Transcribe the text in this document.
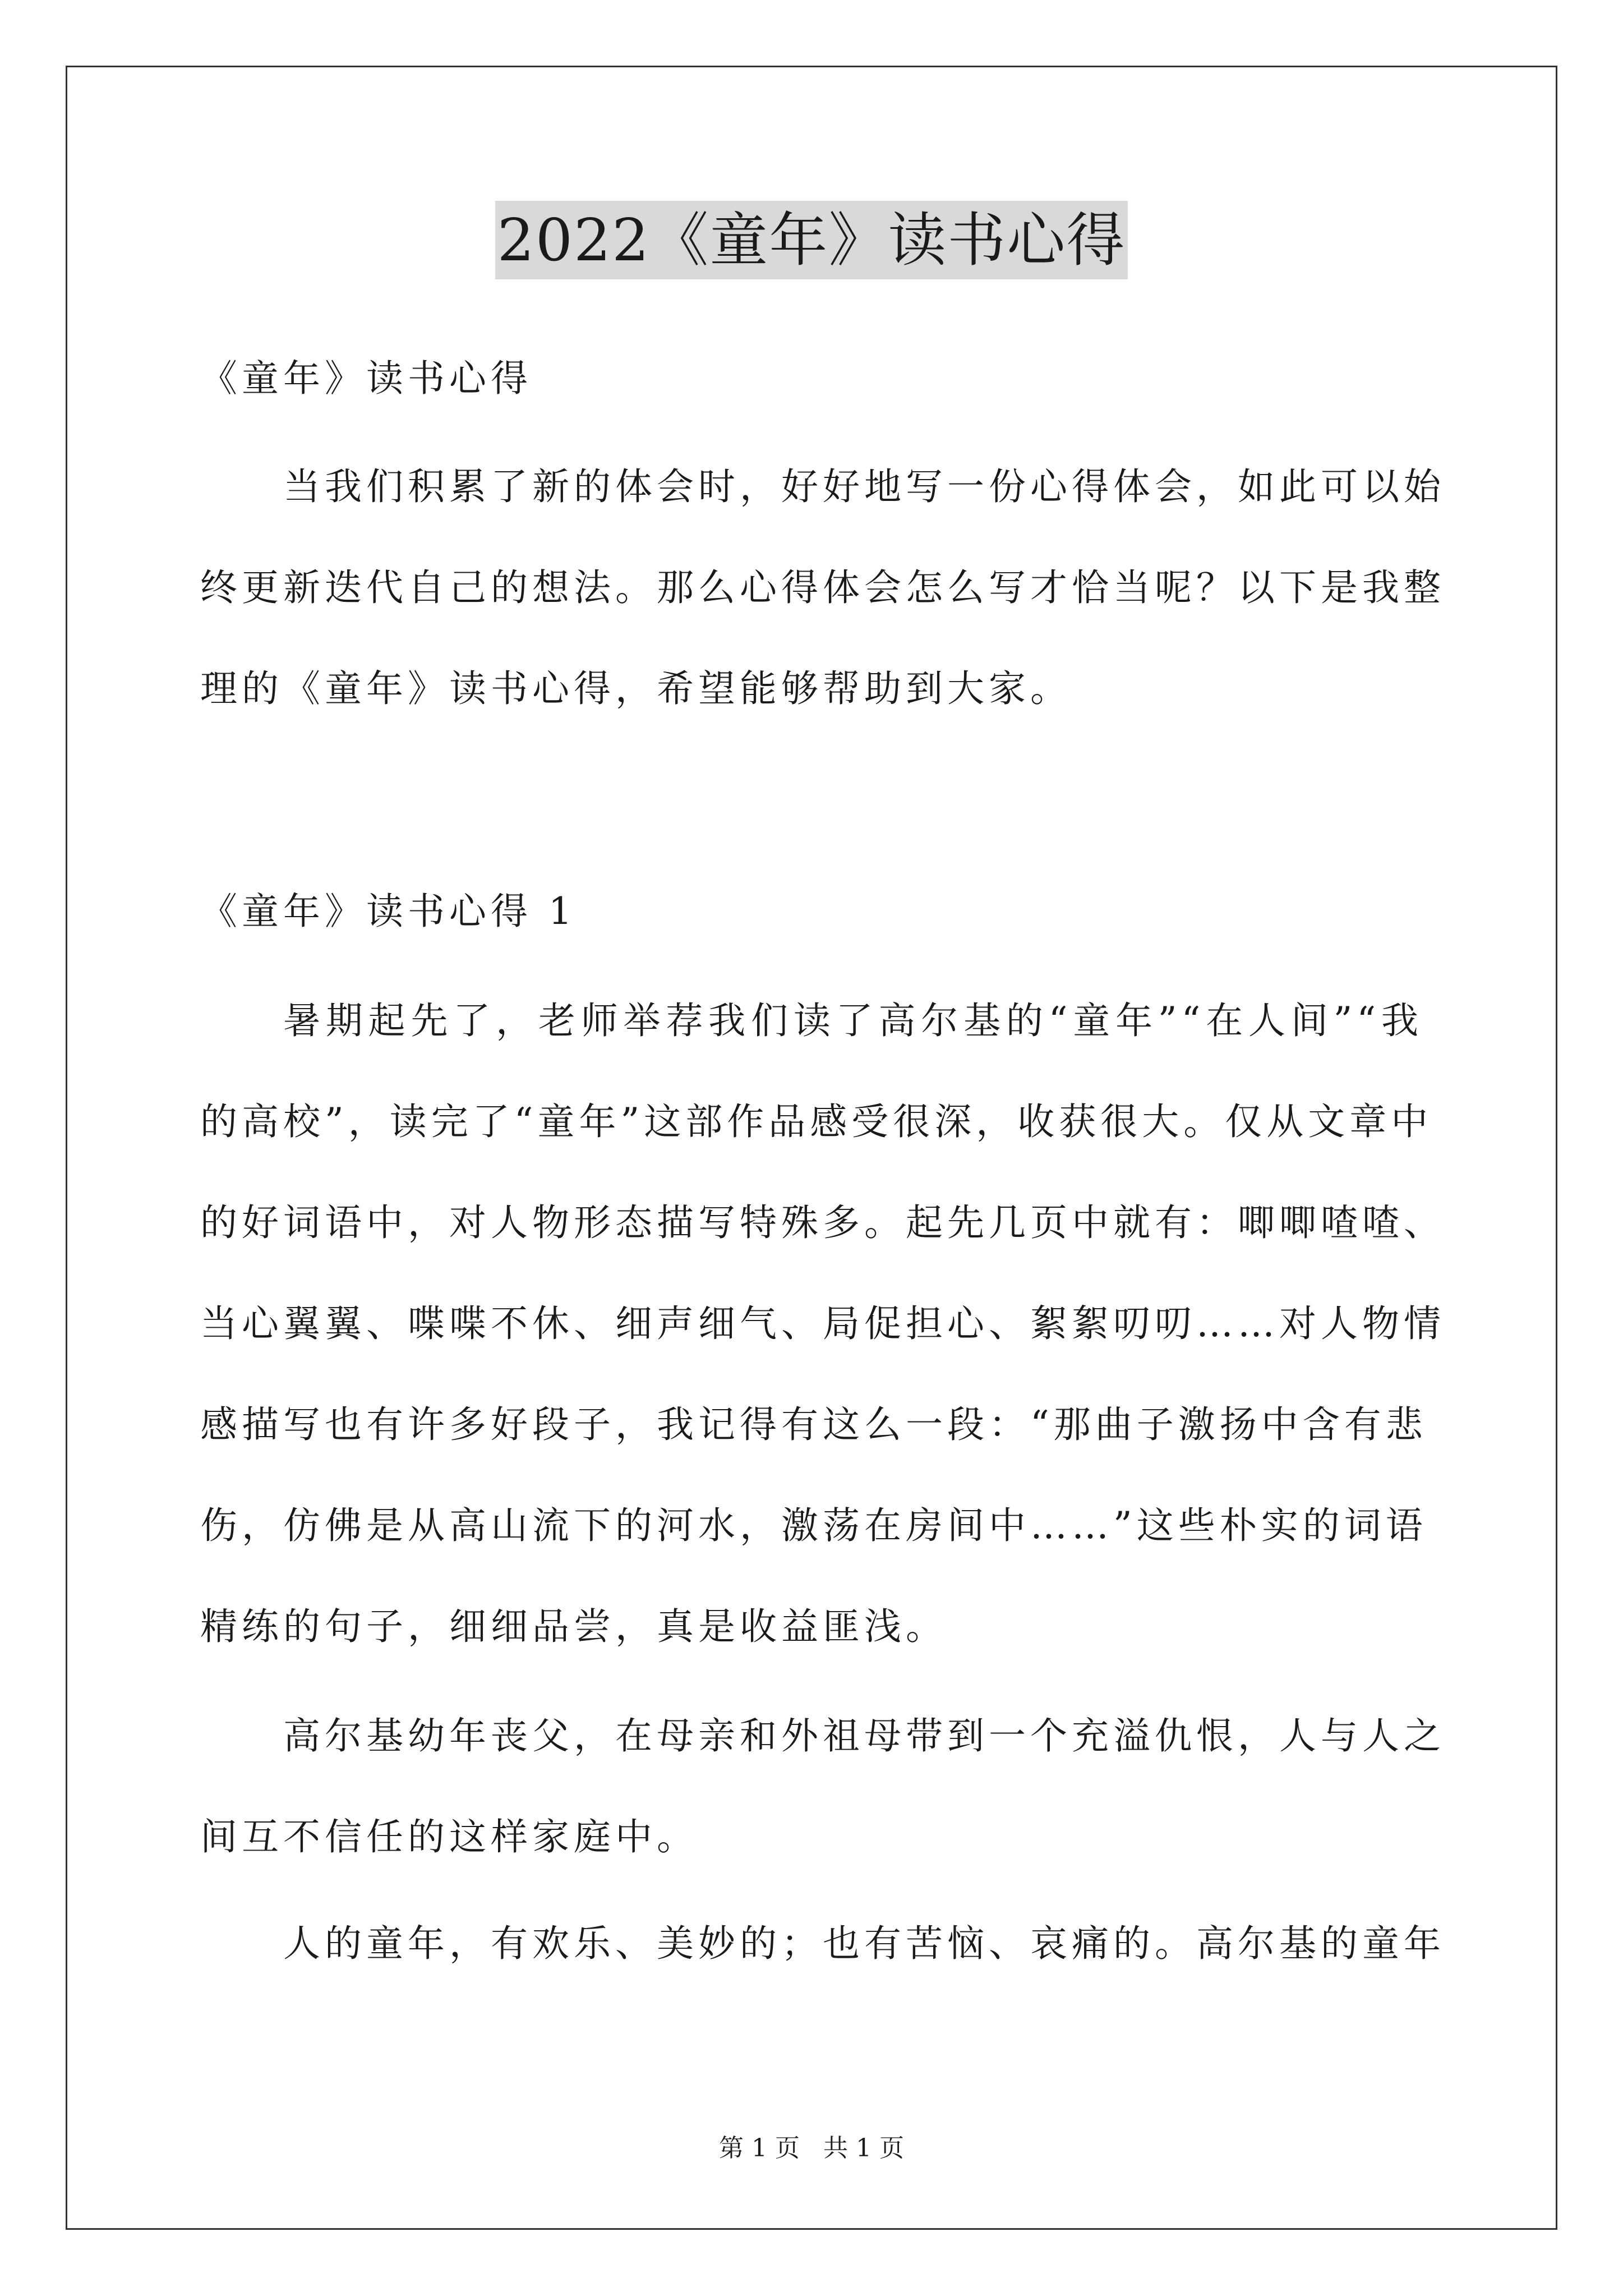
2022《童年》读书心得
《童年》读书心得
当我们积累了新的体会时，好好地写一份心得体会，如此可以始
终更新迭代自己的想法。那么心得体会怎么写才恰当呢？以下是我整
理的《童年》读书心得，希望能够帮助到大家。
《童年》读书心得 1
暑期起先了，老师举荐我们读了高尔基的“童年”“在人间”“我
的高校”，读完了“童年”这部作品感受很深，收获很大。仅从文章中
的好词语中，对人物形态描写特殊多。起先几页中就有：唧唧喳喳、
当心翼翼、喋喋不休、细声细气、局促担心、絮絮叨叨……对人物情
感描写也有许多好段子，我记得有这么一段：“那曲子激扬中含有悲
伤，仿佛是从高山流下的河水，激荡在房间中……”这些朴实的词语
精练的句子，细细品尝，真是收益匪浅。
高尔基幼年丧父，在母亲和外祖母带到一个充溢仇恨，人与人之
间互不信任的这样家庭中。
人的童年，有欢乐、美妙的；也有苦恼、哀痛的。高尔基的童年
第 1 页   共 1 页
